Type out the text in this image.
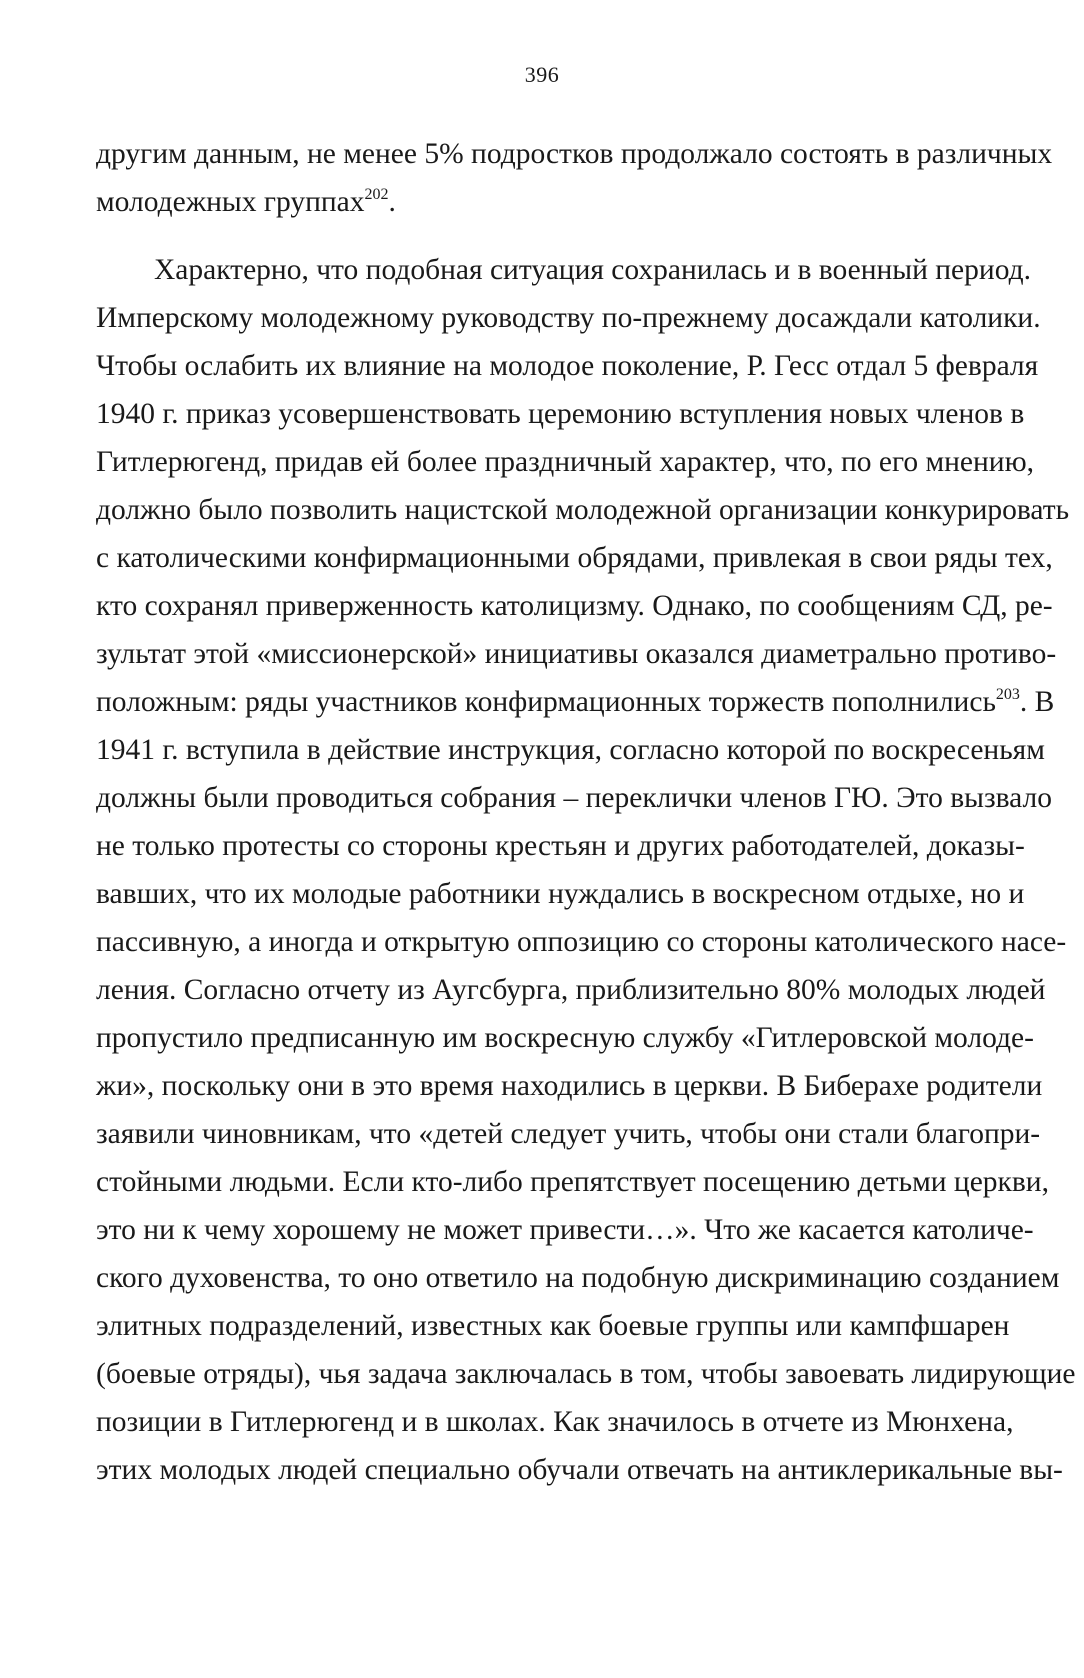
396
другим данным, не менее 5% подростков продолжало состоять в различных
молодежных группах$^{202}$.
Характерно, что подобная ситуация сохранилась и в военный период.
Имперскому молодежному руководству по-прежнему досаждали католики.
Чтобы ослабить их влияние на молодое поколение, Р. Гесс отдал 5 февраля
1940 г. приказ усовершенствовать церемонию вступления новых членов в
Гитлерюгенд, придав ей более праздничный характер, что, по его мнению,
должно было позволить нацистской молодежной организации конкурировать
с католическими конфирмационными обрядами, привлекая в свои ряды тех,
кто сохранял приверженность католицизму. Однако, по сообщениям СД, ре-
зультат этой «миссионерской» инициативы оказался диаметрально противо-
положным: ряды участников конфирмационных торжеств пополнились$^{203}$. В
1941 г. вступила в действие инструкция, согласно которой по воскресеньям
должны были проводиться собрания – переклички членов ГЮ. Это вызвало
не только протесты со стороны крестьян и других работодателей, доказы-
вавших, что их молодые работники нуждались в воскресном отдыхе, но и
пассивную, а иногда и открытую оппозицию со стороны католического насе-
ления. Согласно отчету из Аугсбурга, приблизительно 80% молодых людей
пропустило предписанную им воскресную службу «Гитлеровской молоде-
жи», поскольку они в это время находились в церкви. В Биберахе родители
заявили чиновникам, что «детей следует учить, чтобы они стали благопри-
стойными людьми. Если кто-либо препятствует посещению детьми церкви,
это ни к чему хорошему не может привести…». Что же касается католиче-
ского духовенства, то оно ответило на подобную дискриминацию созданием
элитных подразделений, известных как боевые группы или кампфшарен
(боевые отряды), чья задача заключалась в том, чтобы завоевать лидирующие
позиции в Гитлерюгенд и в школах. Как значилось в отчете из Мюнхена,
этих молодых людей специально обучали отвечать на антиклерикальные вы-
